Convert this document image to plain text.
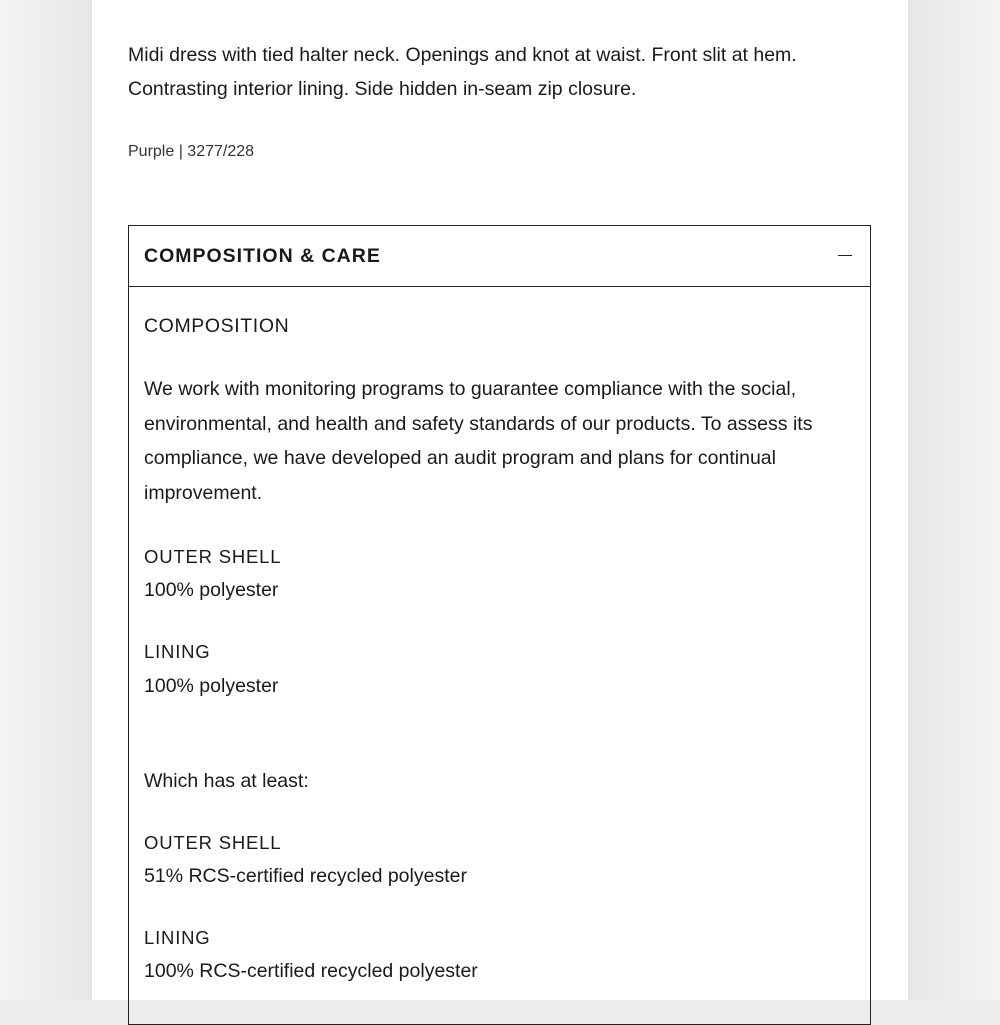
Midi dress with tied halter neck. Openings and knot at waist. Front slit at hem. Contrasting interior lining. Side hidden in-seam zip closure.

Purple | 3277/228
COMPOSITION & CARE
COMPOSITION

We work with monitoring programs to guarantee compliance with the social, environmental, and health and safety standards of our products. To assess its compliance, we have developed an audit program and plans for continual improvement.

OUTER SHELL
100% polyester
LINING
100% polyester
Which has at least:
OUTER SHELL
51% RCS-certified recycled polyester
LINING
100% RCS-certified recycled polyester
